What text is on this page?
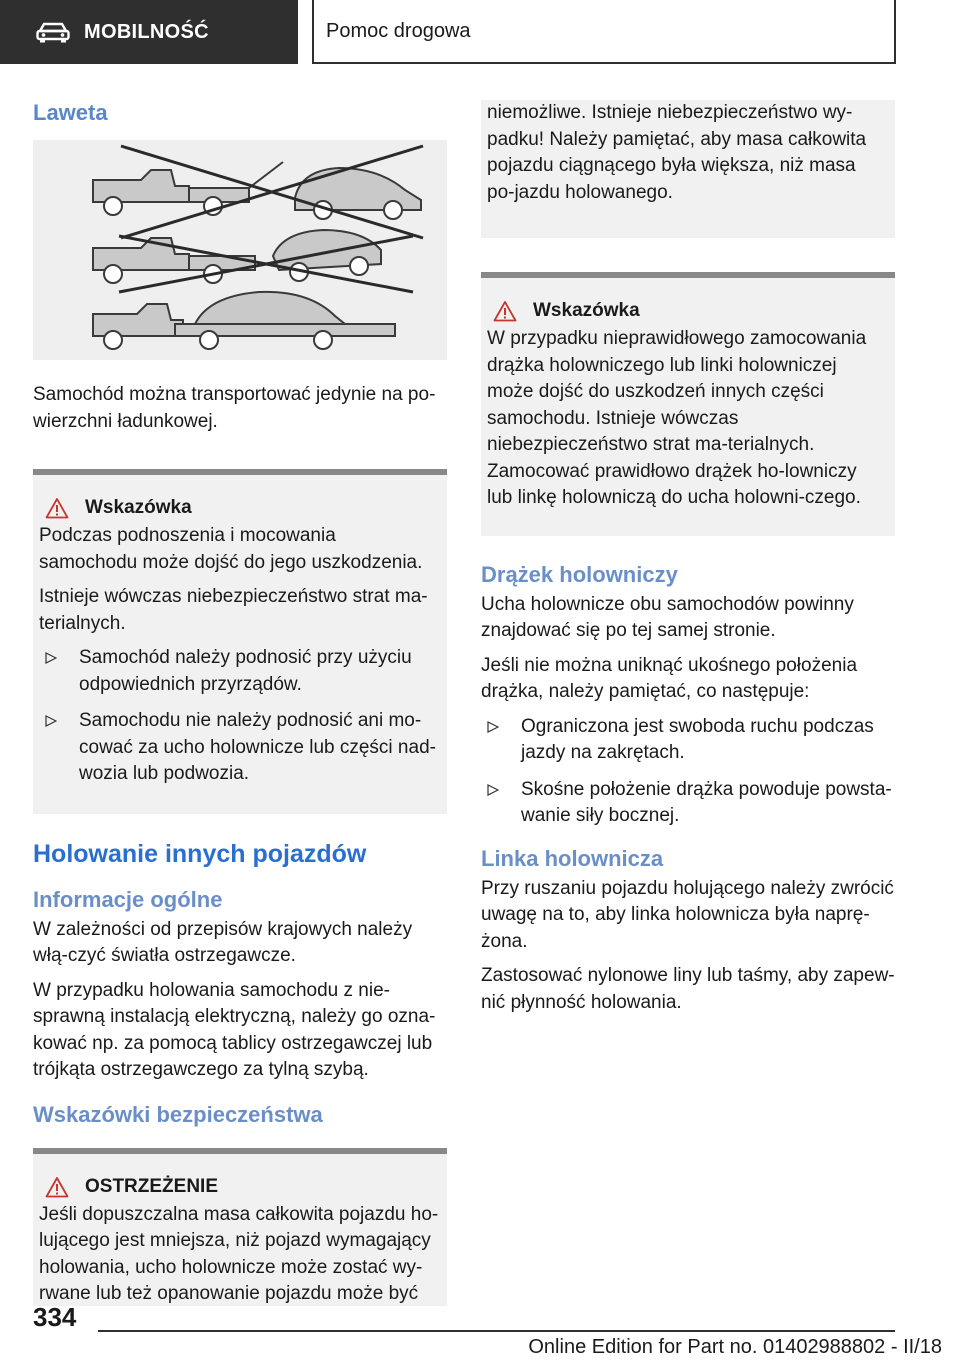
MOBILNOŚĆ	Pomoc drogowa
Laweta

Samochód można transportować jedynie na po-wierzchni ładunkowej.

Wskazówka

Podczas podnoszenia i mocowania samochodu może dojść do jego uszkodzenia.

Istnieje wówczas niebezpieczeństwo strat ma-terialnych.

Samochód należy podnosić przy użyciu odpowiednich przyrządów.
Samochodu nie należy podnosić ani mo-cować za ucho holownicze lub części nad-wozia lub podwozia.
Holowanie innych pojazdów
Informacje ogólne

W zależności od przepisów krajowych należy włą-czyć światła ostrzegawcze.

W przypadku holowania samochodu z nie-sprawną instalacją elektryczną, należy go ozna-kować np. za pomocą tablicy ostrzegawczej lub trójkąta ostrzegawczego za tylną szybą.

Wskazówki bezpieczeństwa
OSTRZEŻENIE

Jeśli dopuszczalna masa całkowita pojazdu ho-lującego jest mniejsza, niż pojazd wymagający holowania, ucho holownicze może zostać wy-rwane lub też opanowanie pojazdu może być

niemożliwe. Istnieje niebezpieczeństwo wy-padku! Należy pamiętać, aby masa całkowita pojazdu ciągnącego była większa, niż masa po-jazdu holowanego.

Wskazówka

W przypadku nieprawidłowego zamocowania drążka holowniczego lub linki holowniczej może dojść do uszkodzeń innych części samochodu. Istnieje wówczas niebezpieczeństwo strat ma-terialnych. Zamocować prawidłowo drążek ho-lowniczy lub linkę holowniczą do ucha holowni-czego.

Drążek holowniczy

Ucha holownicze obu samochodów powinny znajdować się po tej samej stronie.

Jeśli nie można uniknąć ukośnego położenia drążka, należy pamiętać, co następuje:

Ograniczona jest swoboda ruchu podczas jazdy na zakrętach.
Skośne położenie drążka powoduje powsta-wanie siły bocznej.
Linka holownicza

Przy ruszaniu pojazdu holującego należy zwrócić uwagę na to, aby linka holownicza była naprę-żona.

Zastosować nylonowe liny lub taśmy, aby zapew-nić płynność holowania.

334
Online Edition for Part no. 01402988802 - II/18
